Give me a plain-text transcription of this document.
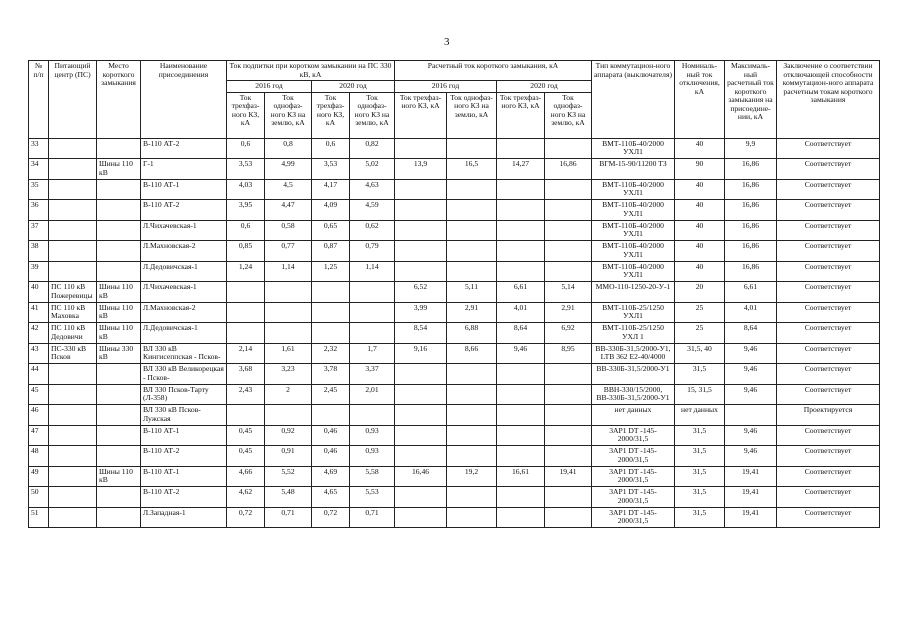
3
№ п/п	Питающий центр (ПС)	Место короткого замыкания	Наименование присоединения	Ток подпитки при коротком замыкании на ПС 330 кВ, кА				Расчетный ток короткого замыкания, кА				Тип коммутацион-ного аппарата (выключателя)	Номиналь-ный ток отключения, кА	Максималь-ный расчетный ток короткого замыкания на присоедине-нии, кА	Заключение о соответствии отключающей способности коммутацион-ного аппарата расчетным токам короткого замыкания
				2016 год		2020 год		2016 год		2020 год					
				Ток трехфаз-ного КЗ, кА	Ток однофаз-ного КЗ на землю, кА	Ток трехфаз-ного КЗ, кА	Ток однофаз-ного КЗ на землю, кА	Ток трехфаз-ного КЗ, кА	Ток однофаз-ного КЗ на землю, кА	Ток трехфаз-ного КЗ, кА	Ток однофаз-ного КЗ на землю, кА				
33			В-110 АТ-2	0,6	0,8	0,6	0,82					ВМТ-110Б-40/2000 УХЛ1	40	9,9	Соответствует
34		Шины 110 кВ	Г-1	3,53	4,99	3,53	5,02	13,9	16,5	14,27	16,86	ВГМ-15-90/11200 ТЗ	90	16,86	Соответствует
35			В-110 АТ-1	4,03	4,5	4,17	4,63					ВМТ-110Б-40/2000 УХЛ1	40	16,86	Соответствует
36			В-110 АТ-2	3,95	4,47	4,09	4,59					ВМТ-110Б-40/2000 УХЛ1	40	16,86	Соответствует
37			Л.Чихачевская-1	0,6	0,58	0,65	0,62					ВМТ-110Б-40/2000 УХЛ1	40	16,86	Соответствует
38			Л.Махновская-2	0,85	0,77	0,87	0,79					ВМТ-110Б-40/2000 УХЛ1	40	16,86	Соответствует
39			Л.Дедовичская-1	1,24	1,14	1,25	1,14					ВМТ-110Б-40/2000 УХЛ1	40	16,86	Соответствует
40	ПС 110 кВ Пожеревицы	Шины 110 кВ	Л.Чихачевская-1					6,52	5,11	6,61	5,14	ММО-110-1250-20-У-1	20	6,61	Соответствует
41	ПС 110 кВ Маховка	Шины 110 кВ	Л.Махновская-2					3,99	2,91	4,01	2,91	ВМТ-110Б-25/1250 УХЛ1	25	4,01	Соответствует
42	ПС 110 кВ Дедовичи	Шины 110 кВ	Л.Дедовичская-1					8,54	6,88	8,64	6,92	ВМТ-110Б-25/1250 УХЛ 1	25	8,64	Соответствует
43	ПС-330 кВ Псков	Шины 330 кВ	ВЛ 330 кВ Кингисеппская - Псков-	2,14	1,61	2,32	1,7	9,16	8,66	9,46	8,95	ВВ-330Б-31,5/2000-У1, LTB 362 E2-40/4000	31,5, 40	9,46	Соответствует
44			ВЛ 330 кВ Великорецкая - Псков-	3,68	3,23	3,78	3,37					ВВ-330Б-31,5/2000-У1	31,5	9,46	Соответствует
45			ВЛ 330 Псков-Тарту (Л-358)	2,43	2	2,45	2,01					ВВН-330/15/2000, ВВ-330Б-31,5/2000-У1	15, 31,5	9,46	Соответствует
46			ВЛ 330 кВ Псков-Лужская									нет данных	нет данных		Проектируется
47			В-110 АТ-1	0,45	0,92	0,46	0,93					3AP1 DT -145-2000/31,5	31,5	9,46	Соответствует
48			В-110 АТ-2	0,45	0,91	0,46	0,93					3AP1 DT -145-2000/31,5	31,5	9,46	Соответствует
49		Шины 110 кВ	В-110 АТ-1	4,66	5,52	4,69	5,58	16,46	19,2	16,61	19,41	3AP1 DT -145-2000/31,5	31,5	19,41	Соответствует
50			В-110 АТ-2	4,62	5,48	4,65	5,53					3AP1 DT -145-2000/31,5	31,5	19,41	Соответствует
51			Л.Западная-1	0,72	0,71	0,72	0,71					3AP1 DT -145-2000/31,5	31,5	19,41	Соответствует
